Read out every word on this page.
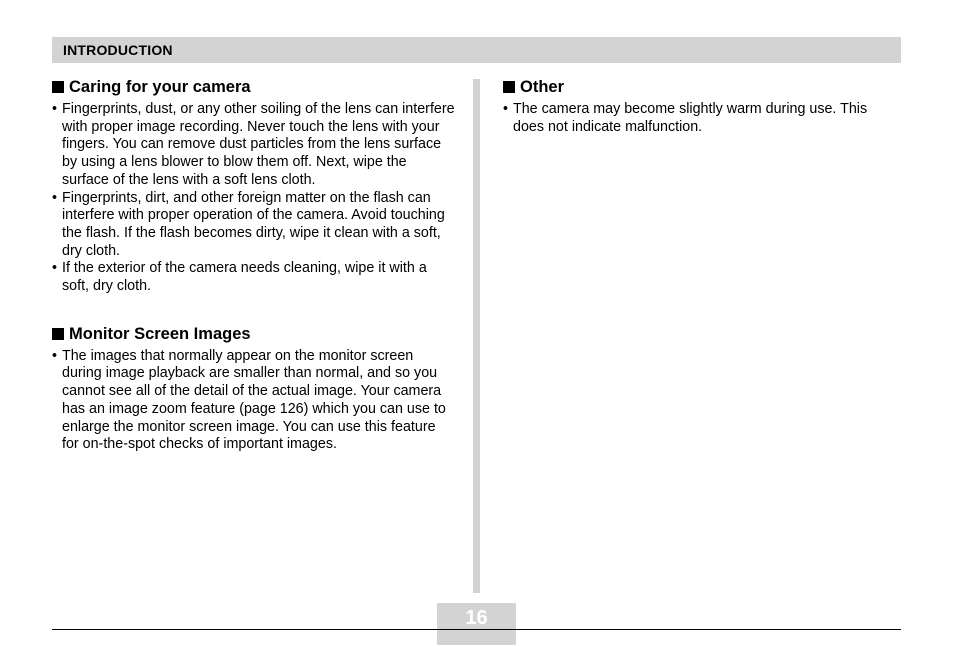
INTRODUCTION
Caring for your camera
• Fingerprints, dust, or any other soiling of the lens can interfere with proper image recording. Never touch the lens with your fingers. You can remove dust particles from the lens surface by using a lens blower to blow them off. Next, wipe the surface of the lens with a soft lens cloth.
• Fingerprints, dirt, and other foreign matter on the flash can interfere with proper operation of the camera. Avoid touching the flash. If the flash becomes dirty, wipe it clean with a soft, dry cloth.
• If the exterior of the camera needs cleaning, wipe it with a soft, dry cloth.
Monitor Screen Images
• The images that normally appear on the monitor screen during image playback are smaller than normal, and so you cannot see all of the detail of the actual image. Your camera has an image zoom feature (page 126) which you can use to enlarge the monitor screen image. You can use this feature for on-the-spot checks of important images.
Other
• The camera may become slightly warm during use. This does not indicate malfunction.
16
